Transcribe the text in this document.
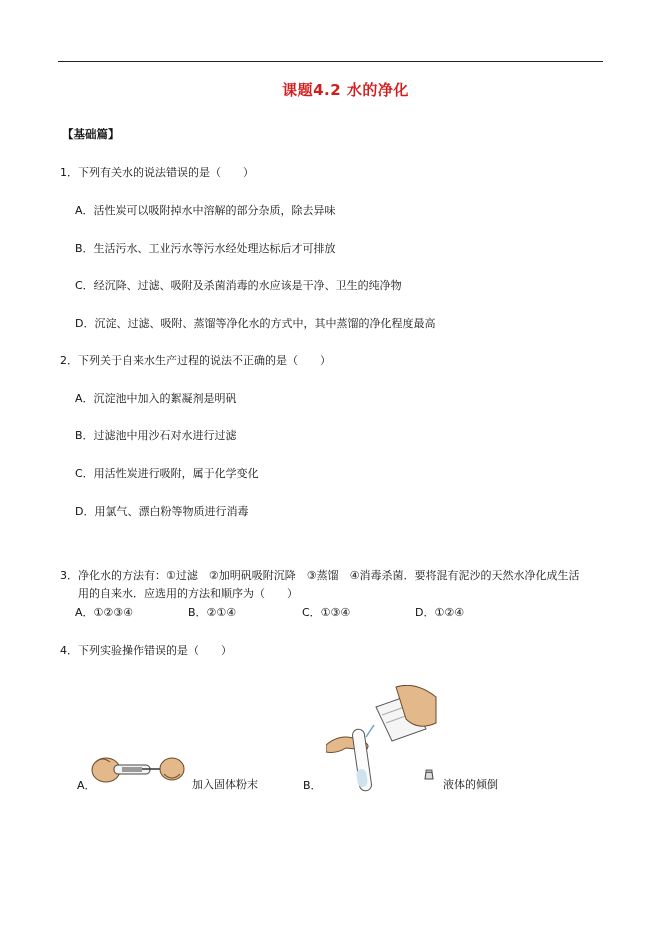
课题4.2 水的净化
【基础篇】
1．下列有关水的说法错误的是（　　）
A．活性炭可以吸附掉水中溶解的部分杂质，除去异味
B．生活污水、工业污水等污水经处理达标后才可排放
C．经沉降、过滤、吸附及杀菌消毒的水应该是干净、卫生的纯净物
D．沉淀、过滤、吸附、蒸馏等净化水的方式中，其中蒸馏的净化程度最高
2．下列关于自来水生产过程的说法不正确的是（　　）
A．沉淀池中加入的絮凝剂是明矾
B．过滤池中用沙石对水进行过滤
C．用活性炭进行吸附，属于化学变化
D．用氯气、漂白粉等物质进行消毒
3．净化水的方法有：①过滤　②加明矾吸附沉降　③蒸馏　④消毒杀菌．要将混有泥沙的天然水净化成生活
用的自来水．应选用的方法和顺序为（　　）
A．①②③④	B．②①④	C．①③④	D．①②④
4．下列实验操作错误的是（　　）
A．	加入固体粉末	B．	液体的倾倒
